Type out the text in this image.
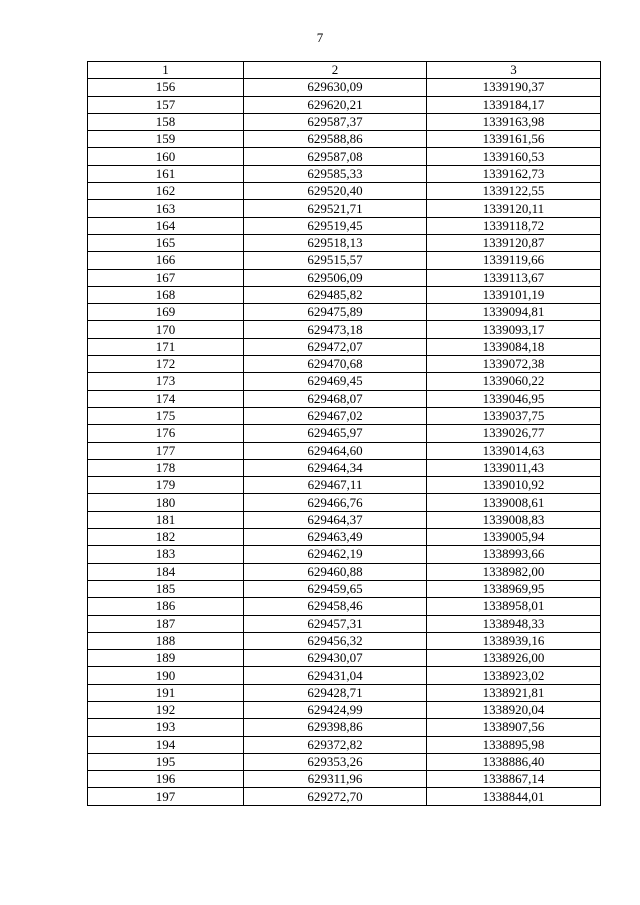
7
1	2	3
156	629630,09	1339190,37
157	629620,21	1339184,17
158	629587,37	1339163,98
159	629588,86	1339161,56
160	629587,08	1339160,53
161	629585,33	1339162,73
162	629520,40	1339122,55
163	629521,71	1339120,11
164	629519,45	1339118,72
165	629518,13	1339120,87
166	629515,57	1339119,66
167	629506,09	1339113,67
168	629485,82	1339101,19
169	629475,89	1339094,81
170	629473,18	1339093,17
171	629472,07	1339084,18
172	629470,68	1339072,38
173	629469,45	1339060,22
174	629468,07	1339046,95
175	629467,02	1339037,75
176	629465,97	1339026,77
177	629464,60	1339014,63
178	629464,34	1339011,43
179	629467,11	1339010,92
180	629466,76	1339008,61
181	629464,37	1339008,83
182	629463,49	1339005,94
183	629462,19	1338993,66
184	629460,88	1338982,00
185	629459,65	1338969,95
186	629458,46	1338958,01
187	629457,31	1338948,33
188	629456,32	1338939,16
189	629430,07	1338926,00
190	629431,04	1338923,02
191	629428,71	1338921,81
192	629424,99	1338920,04
193	629398,86	1338907,56
194	629372,82	1338895,98
195	629353,26	1338886,40
196	629311,96	1338867,14
197	629272,70	1338844,01
